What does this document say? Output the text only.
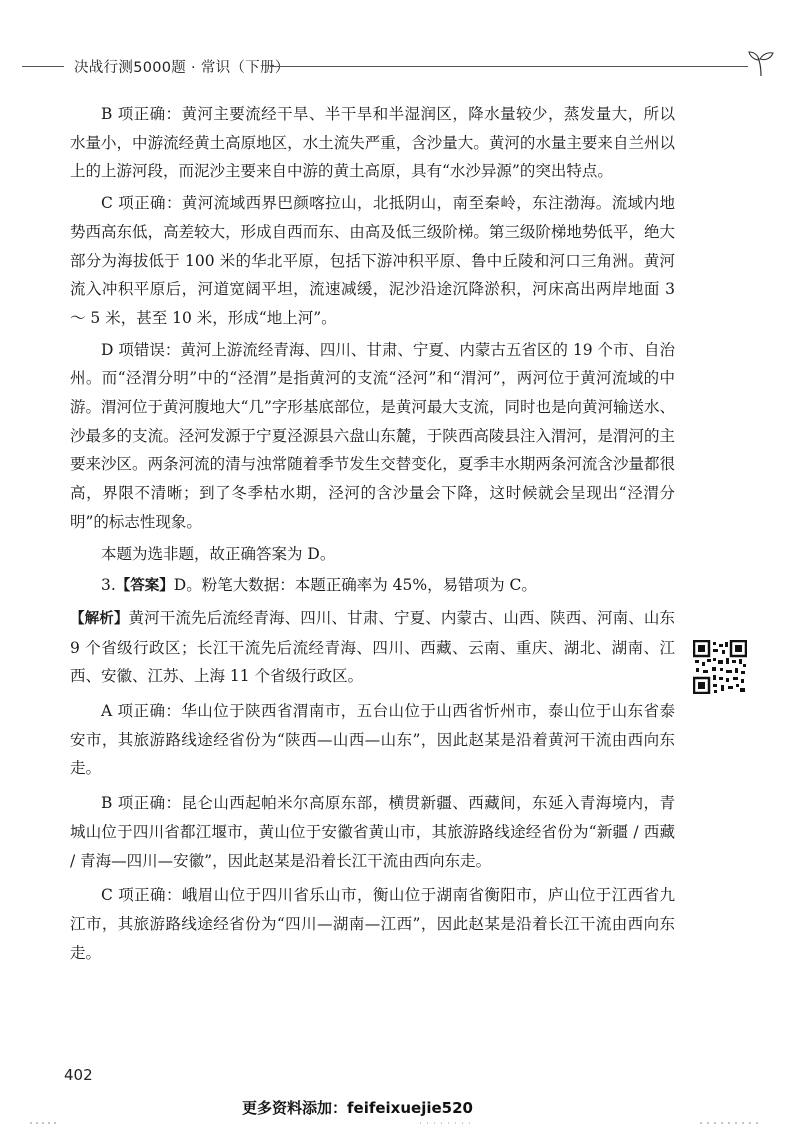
决战行测5000题 · 常识（下册）

B 项正确：黄河主要流经干旱、半干旱和半湿润区，降水量较少，蒸发量大，所以水量小，中游流经黄土高原地区，水土流失严重，含沙量大。黄河的水量主要来自兰州以上的上游河段，而泥沙主要来自中游的黄土高原，具有“水沙异源”的突出特点。

C 项正确：黄河流域西界巴颜喀拉山，北抵阴山，南至秦岭，东注渤海。流域内地势西高东低，高差较大，形成自西而东、由高及低三级阶梯。第三级阶梯地势低平，绝大部分为海拔低于 100 米的华北平原，包括下游冲积平原、鲁中丘陵和河口三角洲。黄河流入冲积平原后，河道宽阔平坦，流速减缓，泥沙沿途沉降淤积，河床高出两岸地面 3 ～ 5 米，甚至 10 米，形成“地上河”。

D 项错误：黄河上游流经青海、四川、甘肃、宁夏、内蒙古五省区的 19 个市、自治州。而“泾渭分明”中的“泾渭”是指黄河的支流“泾河”和“渭河”，两河位于黄河流域的中游。渭河位于黄河腹地大“几”字形基底部位，是黄河最大支流，同时也是向黄河输送水、沙最多的支流。泾河发源于宁夏泾源县六盘山东麓，于陕西高陵县注入渭河，是渭河的主要来沙区。两条河流的清与浊常随着季节发生交替变化，夏季丰水期两条河流含沙量都很高，界限不清晰；到了冬季枯水期，泾河的含沙量会下降，这时候就会呈现出“泾渭分明”的标志性现象。

本题为选非题，故正确答案为 D。

3.【答案】D。粉笔大数据：本题正确率为 45%，易错项为 C。

【解析】黄河干流先后流经青海、四川、甘肃、宁夏、内蒙古、山西、陕西、河南、山东 9 个省级行政区；长江干流先后流经青海、四川、西藏、云南、重庆、湖北、湖南、江西、安徽、江苏、上海 11 个省级行政区。

A 项正确：华山位于陕西省渭南市，五台山位于山西省忻州市，泰山位于山东省泰安市，其旅游路线途经省份为“陕西—山西—山东”，因此赵某是沿着黄河干流由西向东走。

B 项正确：昆仑山西起帕米尔高原东部，横贯新疆、西藏间，东延入青海境内，青城山位于四川省都江堰市，黄山位于安徽省黄山市，其旅游路线途经省份为“新疆 / 西藏 / 青海—四川—安徽”，因此赵某是沿着长江干流由西向东走。

C 项正确：峨眉山位于四川省乐山市，衡山位于湖南省衡阳市，庐山位于江西省九江市，其旅游路线途经省份为“四川—湖南—江西”，因此赵某是沿着长江干流由西向东走。

402
更多资料添加：feifeixuejie520
